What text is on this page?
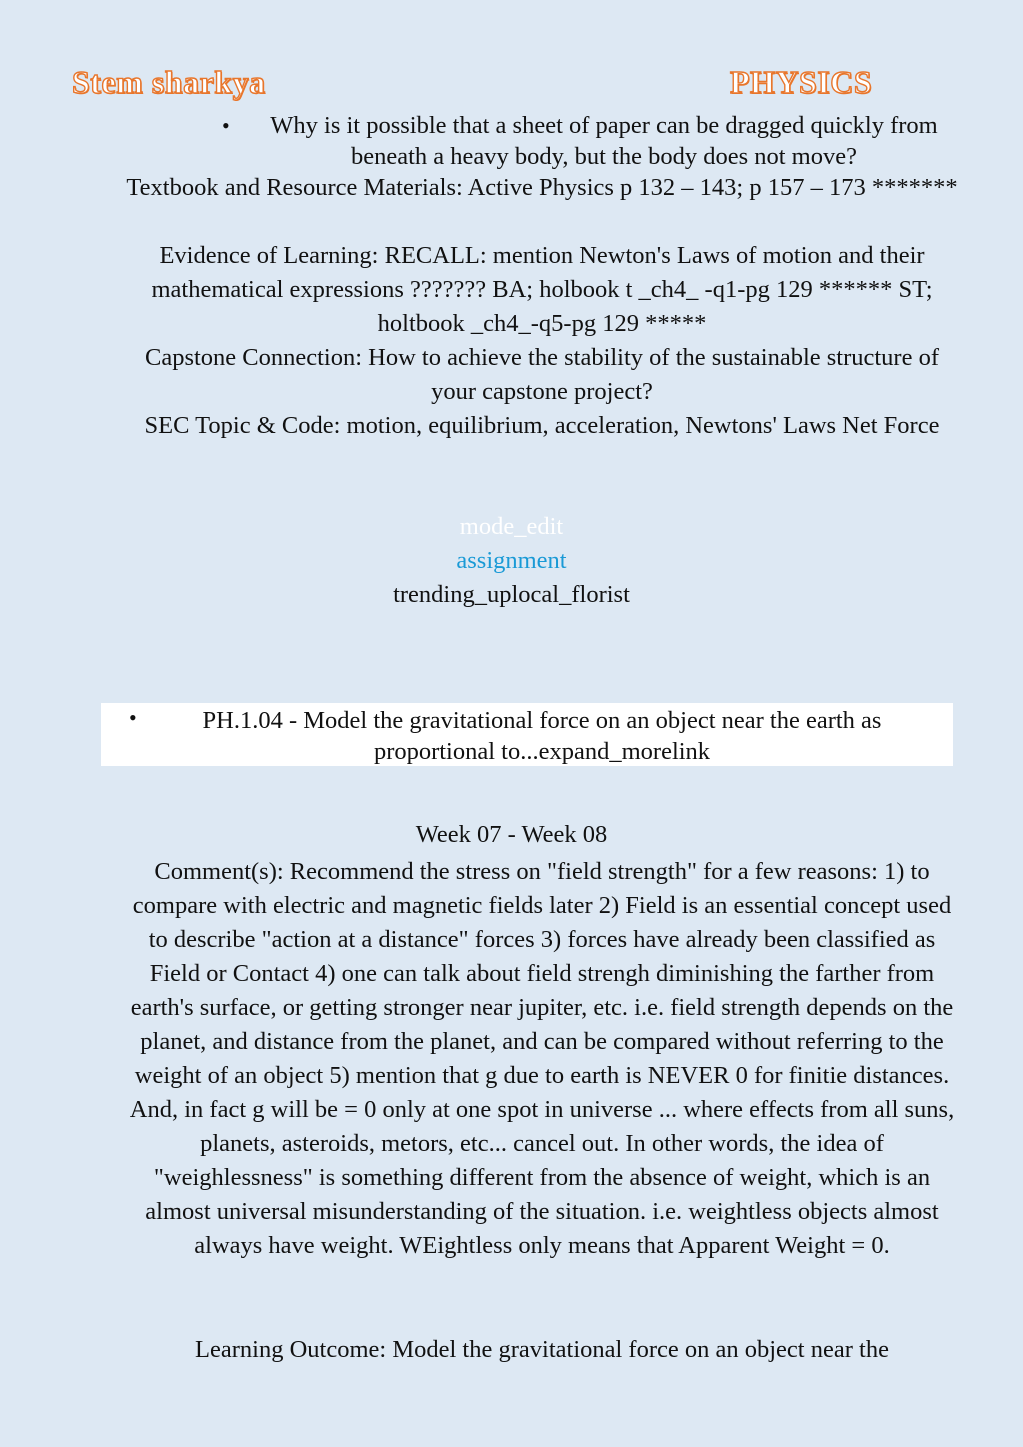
Stem sharkya	PHYSICS
•	Why is it possible that a sheet of paper can be dragged quickly from beneath a heavy body, but the body does not move?
Textbook and Resource Materials: Active Physics p 132 – 143; p 157 – 173 *******
Evidence of Learning: RECALL: mention Newton's Laws of motion and their mathematical expressions ??????? BA; holbook t _ch4_ -q1-pg 129 ****** ST; holtbook _ch4_-q5-pg 129 *****
Capstone Connection: How to achieve the stability of the sustainable structure of your capstone project?
SEC Topic & Code: motion, equilibrium, acceleration, Newtons' Laws Net Force
mode_edit
assignment
trending_uplocal_florist
•	PH.1.04 - Model the gravitational force on an object near the earth as proportional to...expand_morelink
Week 07 - Week 08
Comment(s): Recommend the stress on "field strength" for a few reasons: 1) to compare with electric and magnetic fields later 2) Field is an essential concept used to describe "action at a distance" forces 3) forces have already been classified as Field or Contact 4) one can talk about field strengh diminishing the farther from earth's surface, or getting stronger near jupiter, etc. i.e. field strength depends on the planet, and distance from the planet, and can be compared without referring to the weight of an object 5) mention that g due to earth is NEVER 0 for finitie distances. And, in fact g will be = 0 only at one spot in universe ... where effects from all suns, planets, asteroids, metors, etc... cancel out. In other words, the idea of "weighlessness" is something different from the absence of weight, which is an almost universal misunderstanding of the situation. i.e. weightless objects almost always have weight. WEightless only means that Apparent Weight = 0.
Learning Outcome: Model the gravitational force on an object near the
